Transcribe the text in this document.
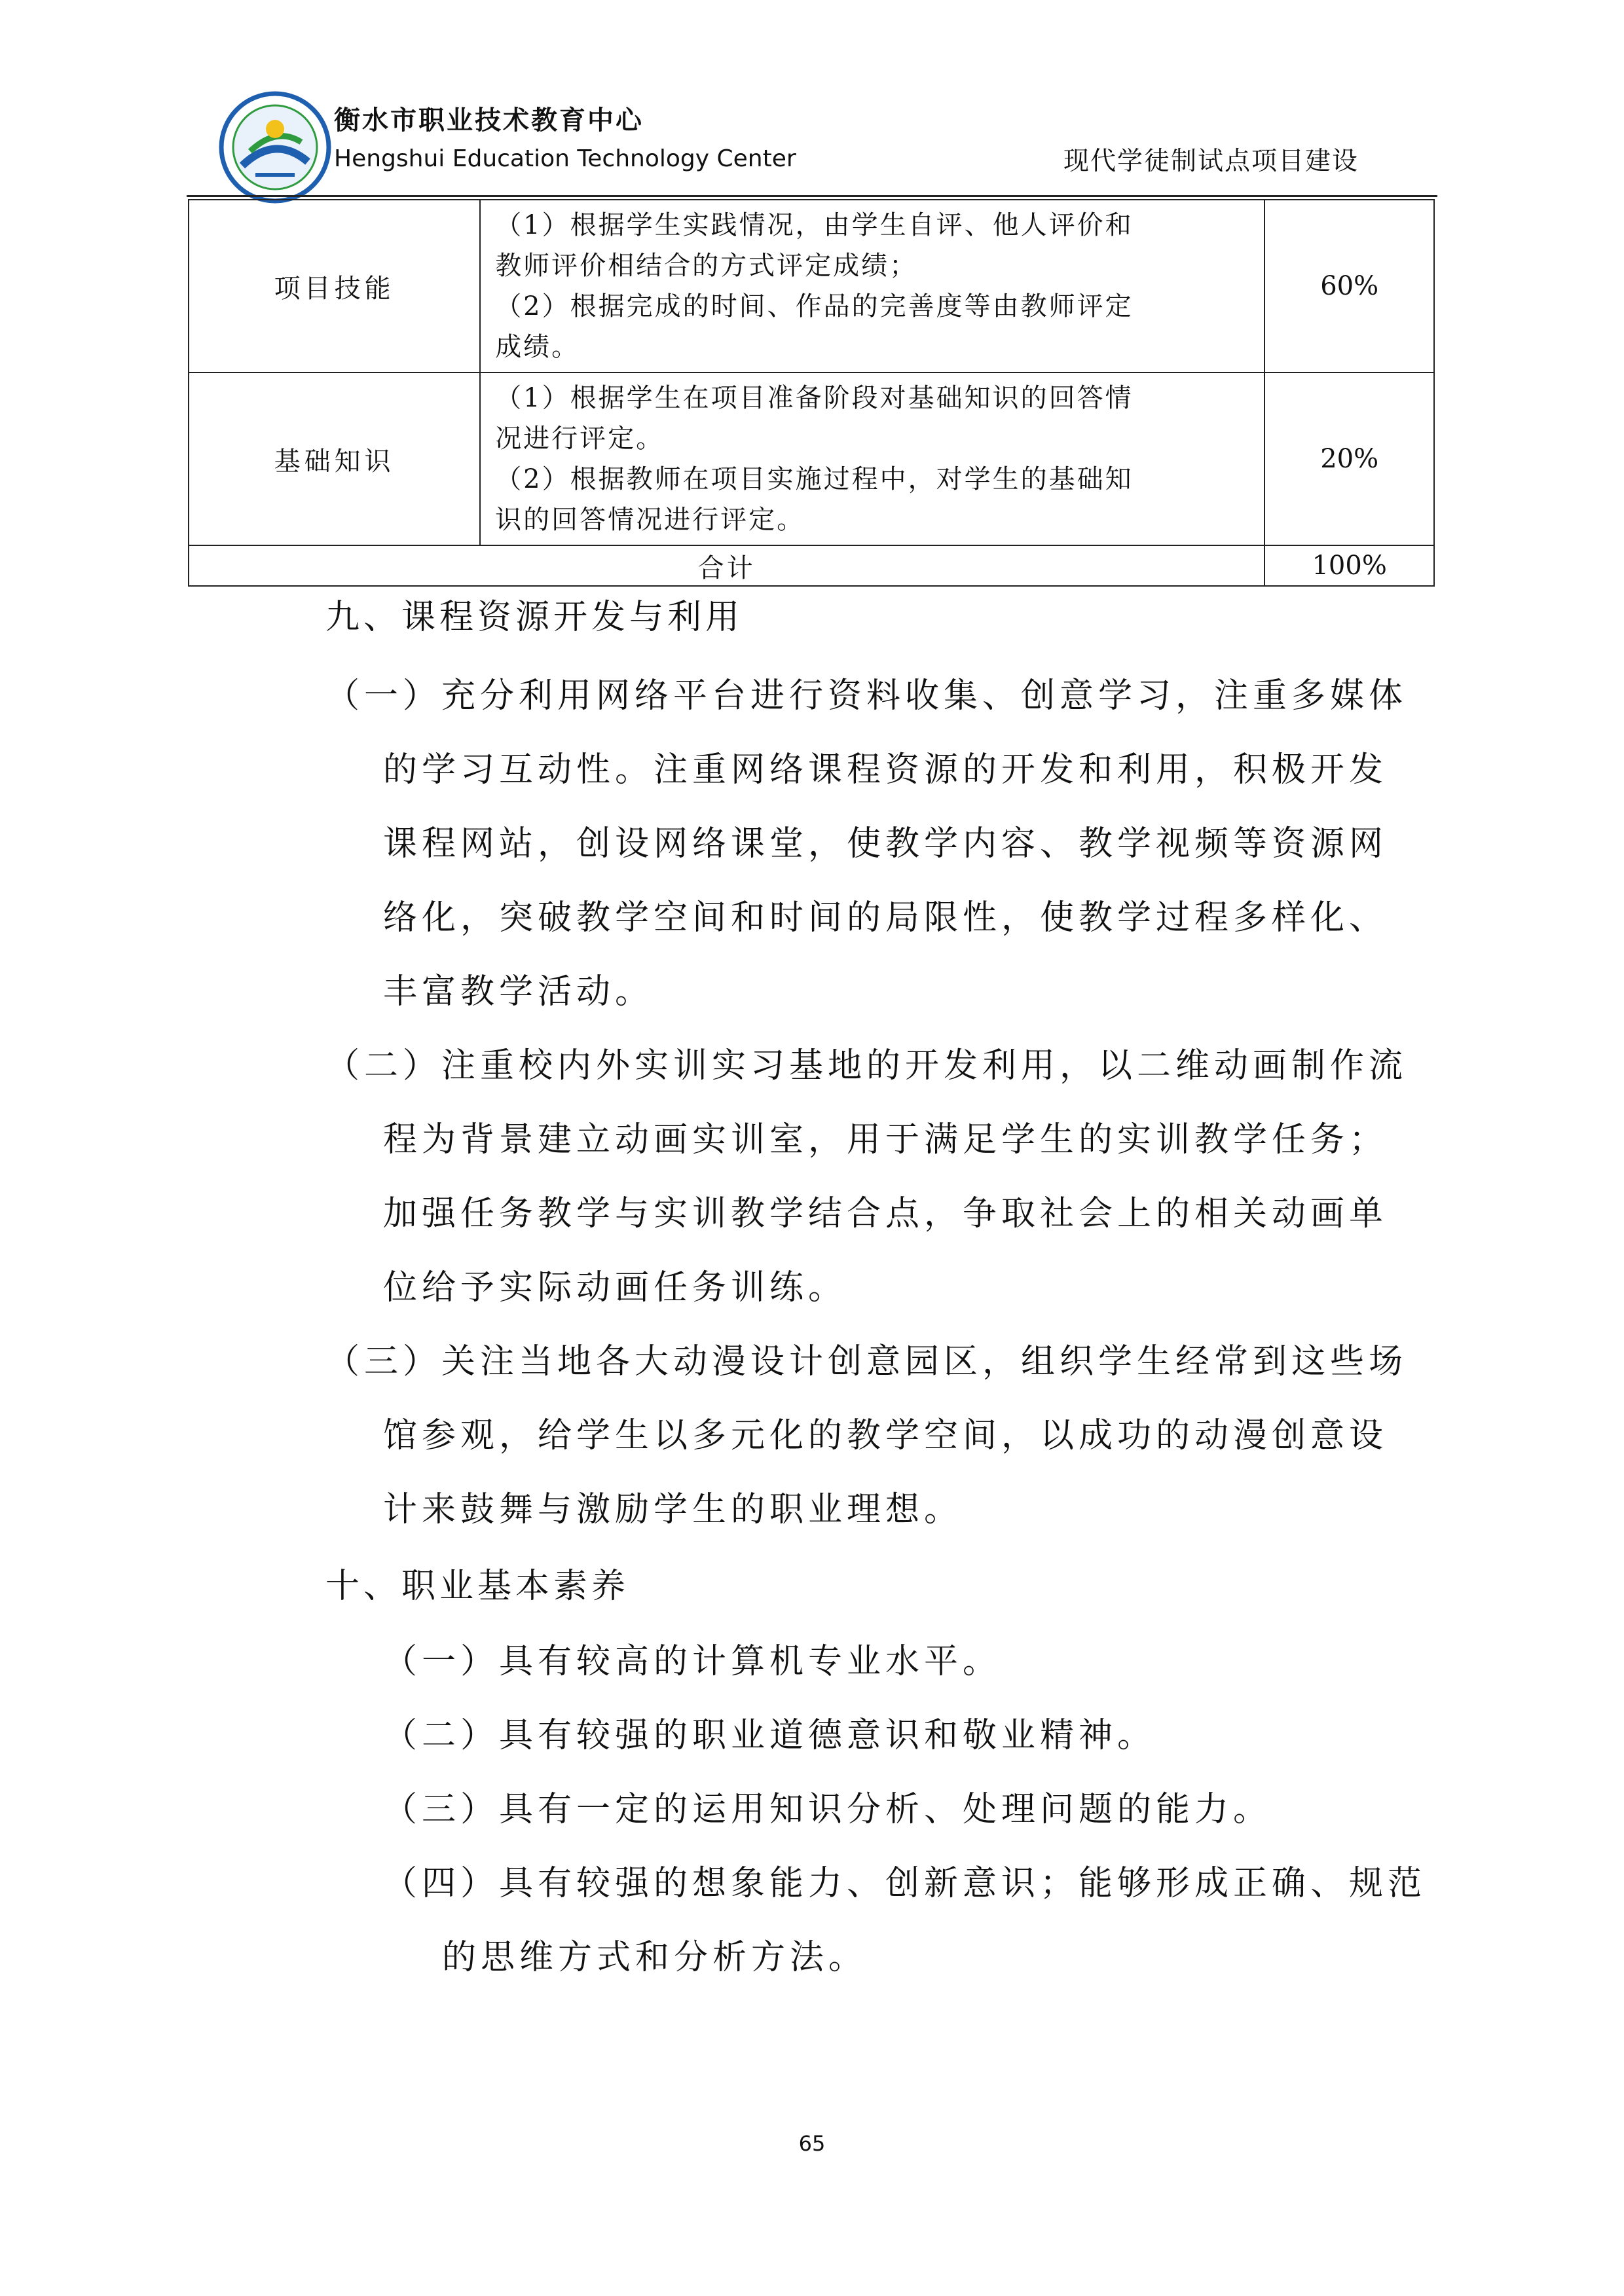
衡水市职业技术教育中心
Hengshui Education Technology Center	现代学徒制试点项目建设
项目技能	（1）根据学生实践情况，由学生自评、他人评价和
教师评价相结合的方式评定成绩；
（2）根据完成的时间、作品的完善度等由教师评定
成绩。	60%
基础知识	（1）根据学生在项目准备阶段对基础知识的回答情
况进行评定。
（2）根据教师在项目实施过程中，对学生的基础知
识的回答情况进行评定。	20%
合计		100%
九、课程资源开发与利用
（一）充分利用网络平台进行资料收集、创意学习，注重多媒体
的学习互动性。注重网络课程资源的开发和利用，积极开发
课程网站，创设网络课堂，使教学内容、教学视频等资源网
络化，突破教学空间和时间的局限性，使教学过程多样化、
丰富教学活动。
（二）注重校内外实训实习基地的开发利用，以二维动画制作流
程为背景建立动画实训室，用于满足学生的实训教学任务；
加强任务教学与实训教学结合点，争取社会上的相关动画单
位给予实际动画任务训练。
（三）关注当地各大动漫设计创意园区，组织学生经常到这些场
馆参观，给学生以多元化的教学空间，以成功的动漫创意设
计来鼓舞与激励学生的职业理想。
十、职业基本素养
（一）具有较高的计算机专业水平。
（二）具有较强的职业道德意识和敬业精神。
（三）具有一定的运用知识分析、处理问题的能力。
（四）具有较强的想象能力、创新意识；能够形成正确、规范
的思维方式和分析方法。
65
